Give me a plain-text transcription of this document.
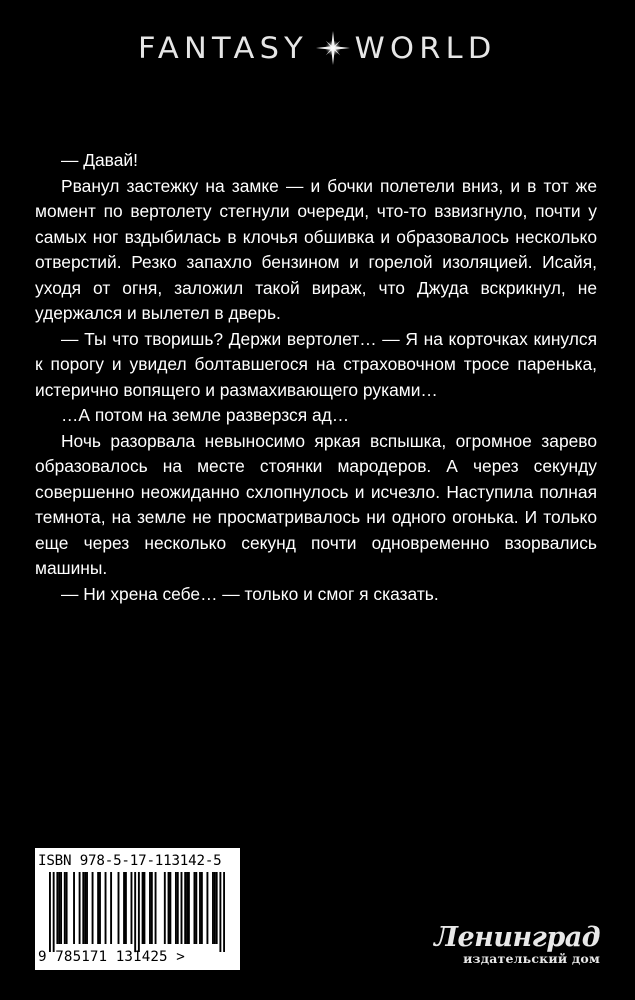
FANTASY WORLD

— Давай!

Рванул застежку на замке — и бочки полетели вниз, и в тот же момент по вертолету стегнули очереди, что-то взвизгнуло, почти у самых ног вздыбилась в клочья обшивка и образовалось несколько отверстий. Резко запахло бензином и горелой изоляцией. Исайя, уходя от огня, заложил такой вираж, что Джуда вскрикнул, не удержался и вылетел в дверь.

— Ты что творишь? Держи вертолет… — Я на корточках кинулся к порогу и увидел болтавшегося на страховочном тросе паренька, истерично вопящего и размахивающего руками…

…А потом на земле разверзся ад…

Ночь разорвала невыносимо яркая вспышка, огромное зарево образовалось на месте стоянки мародеров. А через секунду совершенно неожиданно схлопнулось и исчезло. Наступила полная темнота, на земле не просматривалось ни одного огонька. И только еще через несколько секунд почти одновременно взорвались машины.

— Ни хрена себе… — только и смог я сказать.

ISBN 978-5-17-113142-5
9 785171 131425 >
Ленинград
издательский дом
